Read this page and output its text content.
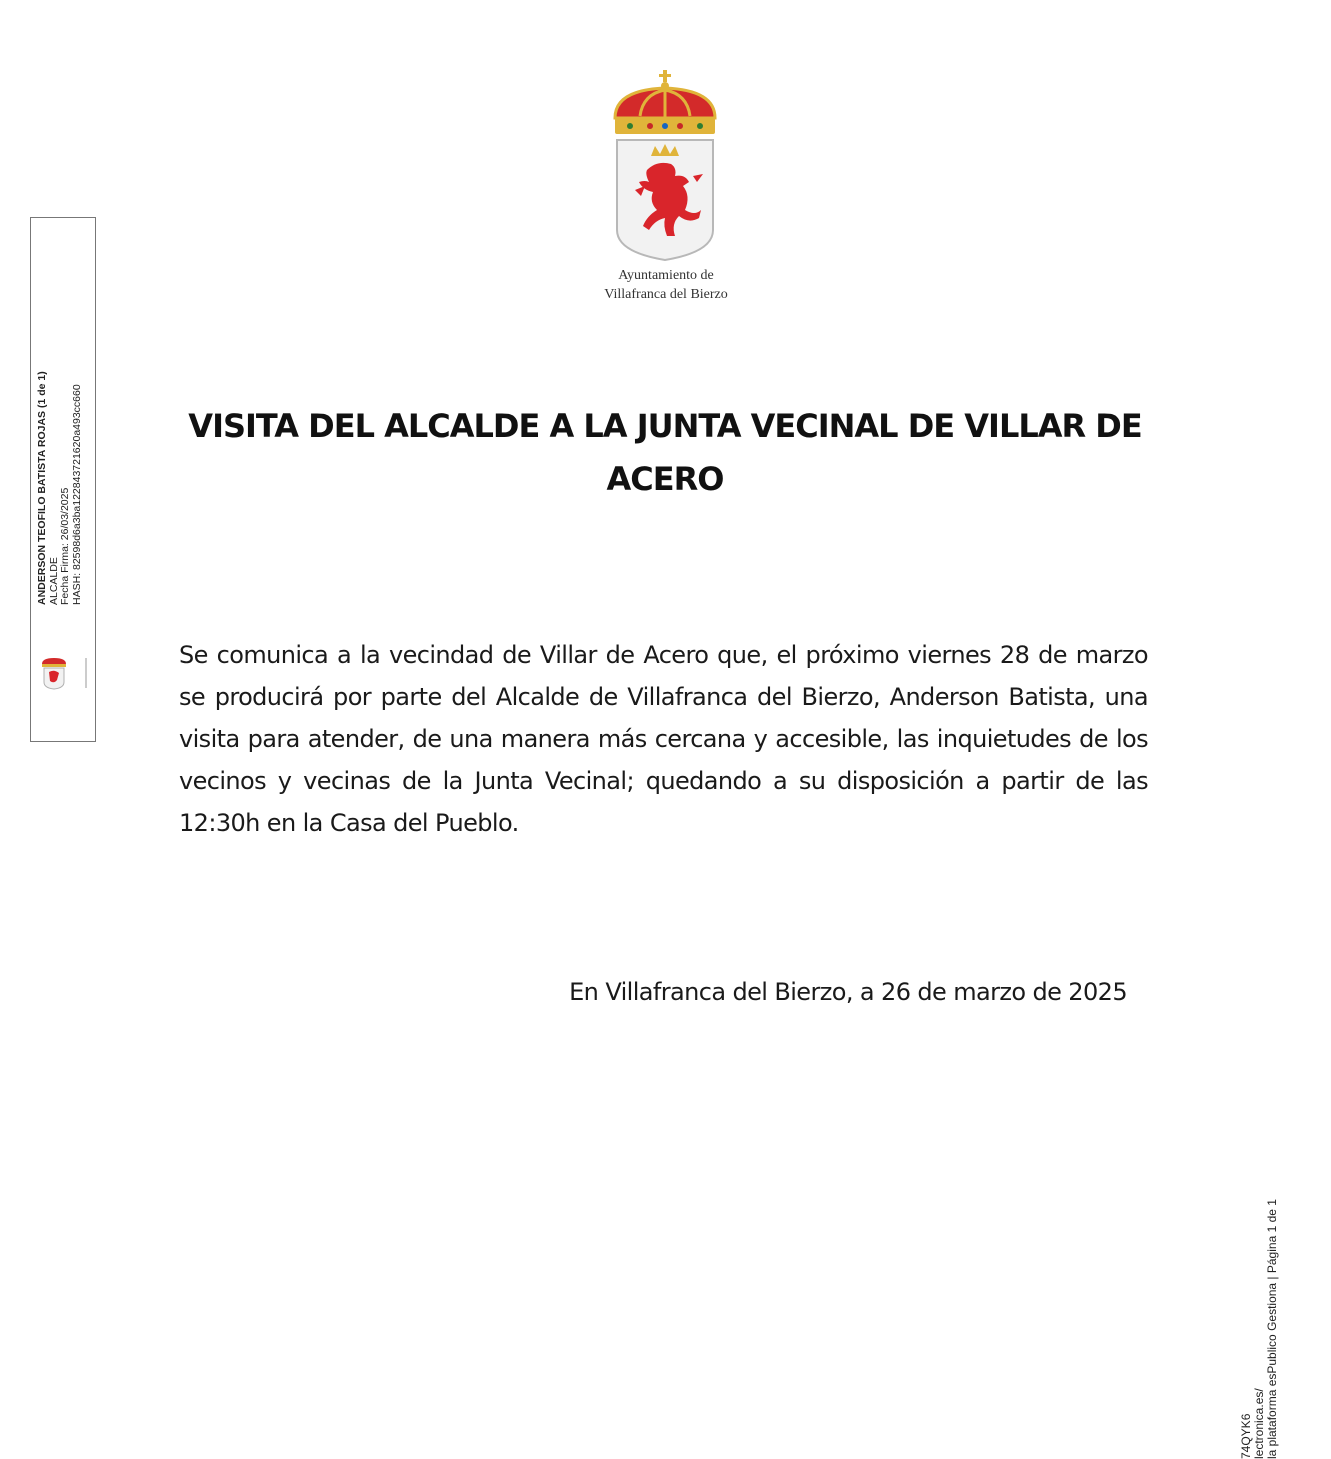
Ayuntamiento de
Villafranca del Bierzo
VISITA DEL ALCALDE A LA JUNTA VECINAL DE VILLAR DE ACERO

Se comunica a la vecindad de Villar de Acero que, el próximo viernes 28 de marzo se producirá por parte del Alcalde de Villafranca del Bierzo, Anderson Batista, una visita para atender, de una manera más cercana y accesible, las inquietudes de los vecinos y vecinas de la Junta Vecinal; quedando a su disposición a partir de las 12:30h en la Casa del Pueblo.

En Villafranca del Bierzo, a 26 de marzo de 2025
ANDERSON TEOFILO BATISTA ROJAS (1 de 1) ALCALDE Fecha Firma: 26/03/2025 HASH: 82598d6a3ba122843721620a493cc660
74QYK6 lectronica.es/ la plataforma esPublico Gestiona | Página 1 de 1
